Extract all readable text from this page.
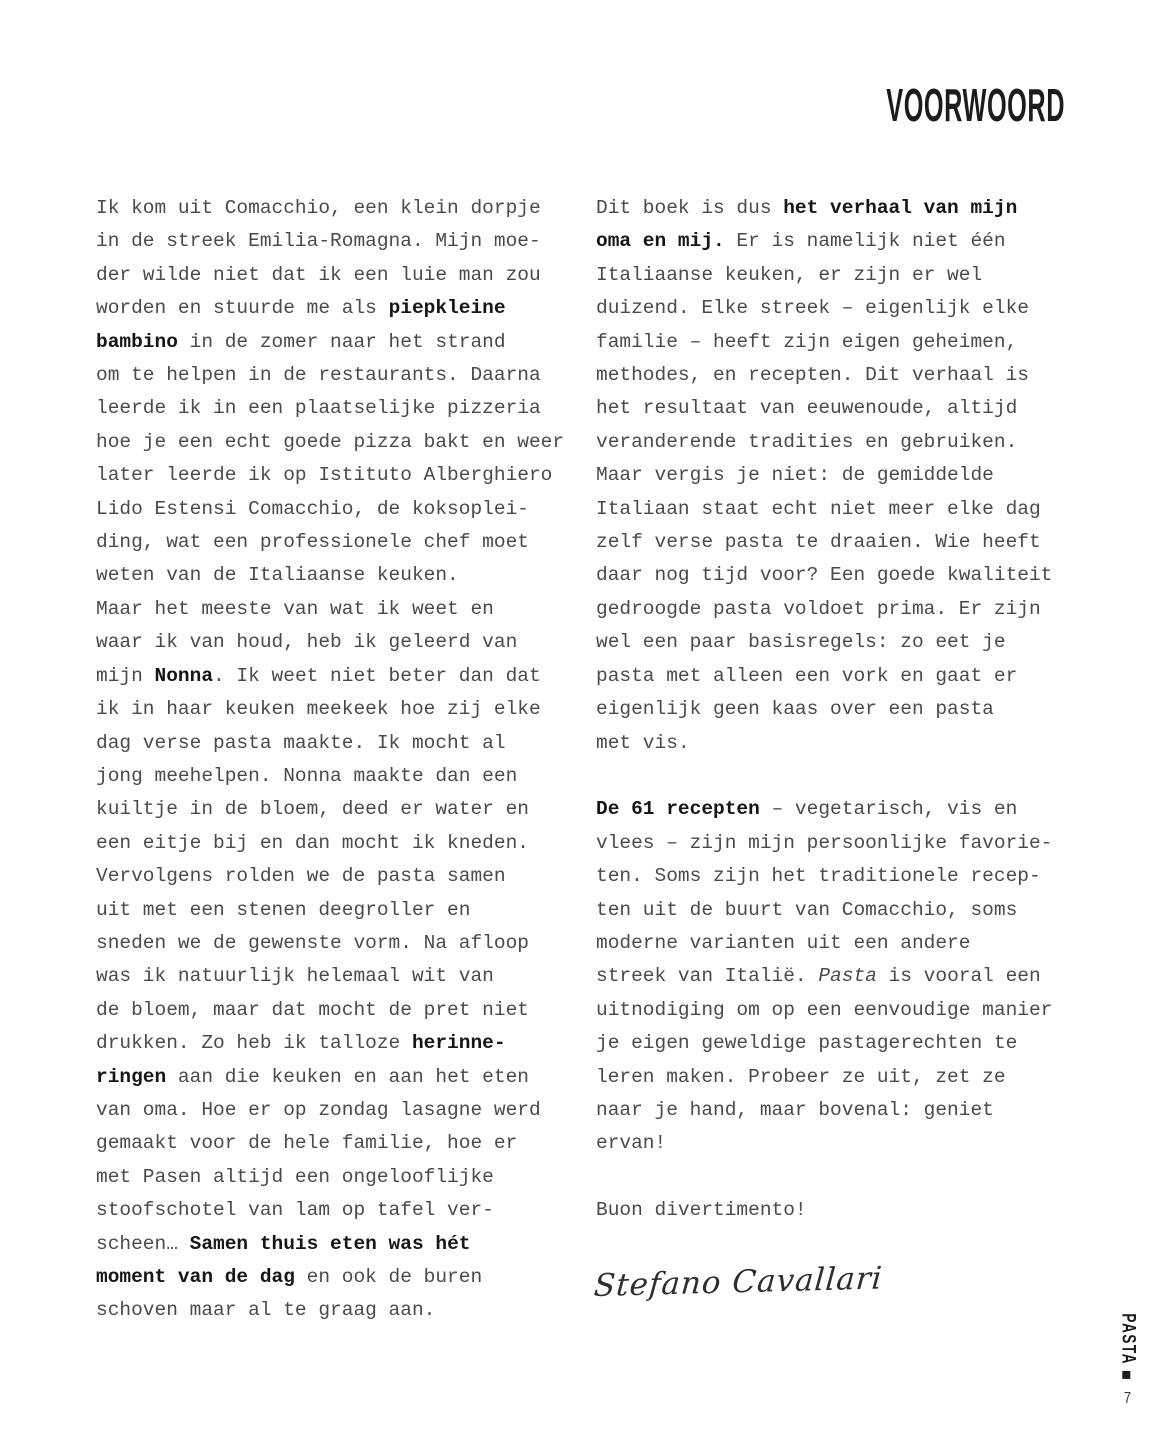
VOORWOORD
Ik kom uit Comacchio, een klein dorpje
in de streek Emilia-Romagna. Mijn moe-
der wilde niet dat ik een luie man zou
worden en stuurde me als piepkleine
bambino in de zomer naar het strand
om te helpen in de restaurants. Daarna
leerde ik in een plaatselijke pizzeria
hoe je een echt goede pizza bakt en weer
later leerde ik op Istituto Alberghiero
Lido Estensi Comacchio, de koksoplei-
ding, wat een professionele chef moet
weten van de Italiaanse keuken.
Maar het meeste van wat ik weet en
waar ik van houd, heb ik geleerd van
mijn Nonna. Ik weet niet beter dan dat
ik in haar keuken meekeek hoe zij elke
dag verse pasta maakte. Ik mocht al
jong meehelpen. Nonna maakte dan een
kuiltje in de bloem, deed er water en
een eitje bij en dan mocht ik kneden.
Vervolgens rolden we de pasta samen
uit met een stenen deegroller en
sneden we de gewenste vorm. Na afloop
was ik natuurlijk helemaal wit van
de bloem, maar dat mocht de pret niet
drukken. Zo heb ik talloze herinne-
ringen aan die keuken en aan het eten
van oma. Hoe er op zondag lasagne werd
gemaakt voor de hele familie, hoe er
met Pasen altijd een ongelooflijke
stoofschotel van lam op tafel ver-
scheen… Samen thuis eten was hét
moment van de dag en ook de buren
schoven maar al te graag aan.
Dit boek is dus het verhaal van mijn
oma en mij. Er is namelijk niet één
Italiaanse keuken, er zijn er wel
duizend. Elke streek – eigenlijk elke
familie – heeft zijn eigen geheimen,
methodes, en recepten. Dit verhaal is
het resultaat van eeuwenoude, altijd
veranderende tradities en gebruiken.
Maar vergis je niet: de gemiddelde
Italiaan staat echt niet meer elke dag
zelf verse pasta te draaien. Wie heeft
daar nog tijd voor? Een goede kwaliteit
gedroogde pasta voldoet prima. Er zijn
wel een paar basisregels: zo eet je
pasta met alleen een vork en gaat er
eigenlijk geen kaas over een pasta
met vis.
De 61 recepten – vegetarisch, vis en
vlees – zijn mijn persoonlijke favorie-
ten. Soms zijn het traditionele recep-
ten uit de buurt van Comacchio, soms
moderne varianten uit een andere
streek van Italië. Pasta is vooral een
uitnodiging om op een eenvoudige manier
je eigen geweldige pastagerechten te
leren maken. Probeer ze uit, zet ze
naar je hand, maar bovenal: geniet
ervan!
Buon divertimento!
Stefano Cavallari
PASTA
7
